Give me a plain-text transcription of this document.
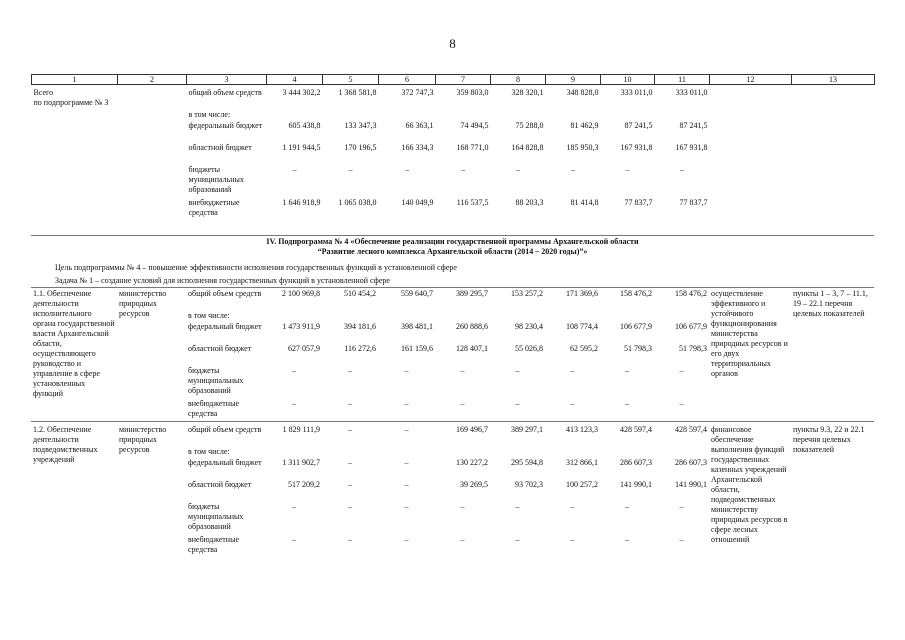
8
1	2	3	4	5	6	7	8	9	10	11	12	13

Всего
по подпрограмме № 3		общий объем средств	3 444 302,2	1 368 581,8	372 747,3	359 803,0	328 320,1	348 828,0	333 011,0	333 011,0		
		в том числе:										
		федеральный бюджет	605 438,8	133 347,3	66 363,1	74 494,5	75 288,0	81 462,9	87 241,5	87 241,5		
		областной бюджет	1 191 944,5	170 196,5	166 334,3	168 771,0	164 828,8	185 950,3	167 931,8	167 931,8		
		бюджеты муниципальных образований	–	–	–	–	–	–	–	–		
		внебюджетные средства	1 646 918,9	1 065 038,0	140 049,9	116 537,5	88 203,3	81 414,8	77 837,7	77 837,7		
IV. Подпрограмма № 4 «Обеспечение реализации государственной программы Архангельской области
“Развитие лесного комплекса Архангельской области (2014 – 2020 годы)”»
Цель подпрограммы № 4 – повышение эффективности исполнения государственных функций в установленной сфере
Задача № 1 – создание условий для исполнения государственных функций в установленной сфере
1.1. Обеспечение деятельности исполнительного органа государственной власти Архангельской области, осуществляющего руководство и управление в сфере установленных функций	министерство природных ресурсов	общий объем средств	2 100 969,8	510 454,2	559 640,7	389 295,7	153 257,2	171 369,6	158 476,2	158 476,2	осуществление эффективного и устойчивого функционирования министерства природных ресурсов и его двух территориальных органов	пункты 1 – 3, 7 – 11.1, 19 – 22.1 перечня целевых показателей
		в том числе:										
		федеральный бюджет	1 473 911,9	394 181,6	398 481,1	260 888,6	98 230,4	108 774,4	106 677,9	106 677,9		
		областной бюджет	627 057,9	116 272,6	161 159,6	128 407,1	55 026,8	62 595,2	51 798,3	51 798,3		
		бюджеты муниципальных образований	–	–	–	–	–	–	–	–		
		внебюджетные средства	–	–	–	–	–	–	–	–		

1.2. Обеспечение деятельности подведомственных учреждений	министерство природных ресурсов	общий объем средств	1 829 111,9	–	–	169 496,7	389 297,1	413 123,3	428 597,4	428 597,4	финансовое обеспечение выполнения функций государственных казенных учреждений Архангельской области, подведомственных министерству природных ресурсов в сфере лесных отношений	пункты 9.3, 22 и 22.1 перечня целевых показателей
		в том числе:										
		федеральный бюджет	1 311 902,7	–	–	130 227,2	295 594,8	312 866,1	286 607,3	286 607,3		
		областной бюджет	517 209,2	–	–	39 269,5	93 702,3	100 257,2	141 990,1	141 990,1		
		бюджеты муниципальных образований	–	–	–	–	–	–	–	–		
		внебюджетные средства	–	–	–	–	–	–	–	–		
